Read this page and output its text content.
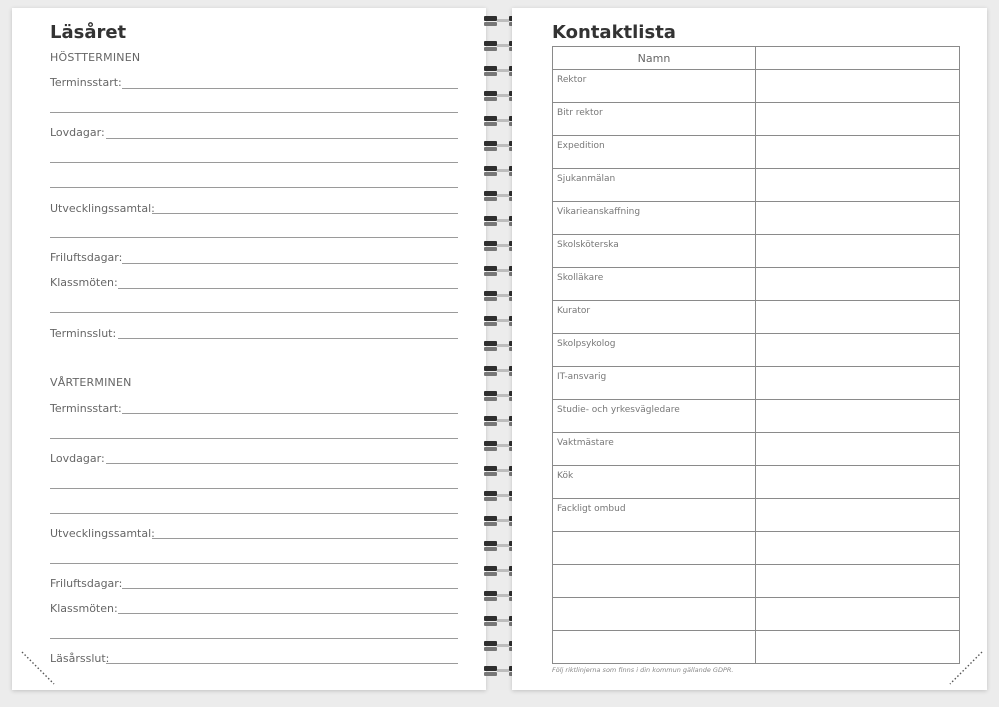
Läsåret
HÖSTTERMINEN
Terminsstart:
Lovdagar:
Utvecklingssamtal:
Friluftsdagar:
Klassmöten:
Terminsslut:
VÅRTERMINEN
Terminsstart:
Lovdagar:
Utvecklingssamtal:
Friluftsdagar:
Klassmöten:
Läsårsslut:
Kontaktlista
Namn	
Rektor	
Bitr rektor	
Expedition	
Sjukanmälan	
Vikarieanskaffning	
Skolsköterska	
Skolläkare	
Kurator	
Skolpsykolog	
IT-ansvarig	
Studie- och yrkesvägledare	
Vaktmästare	
Kök	
Fackligt ombud	

Följ riktlinjerna som finns i din kommun gällande GDPR.
